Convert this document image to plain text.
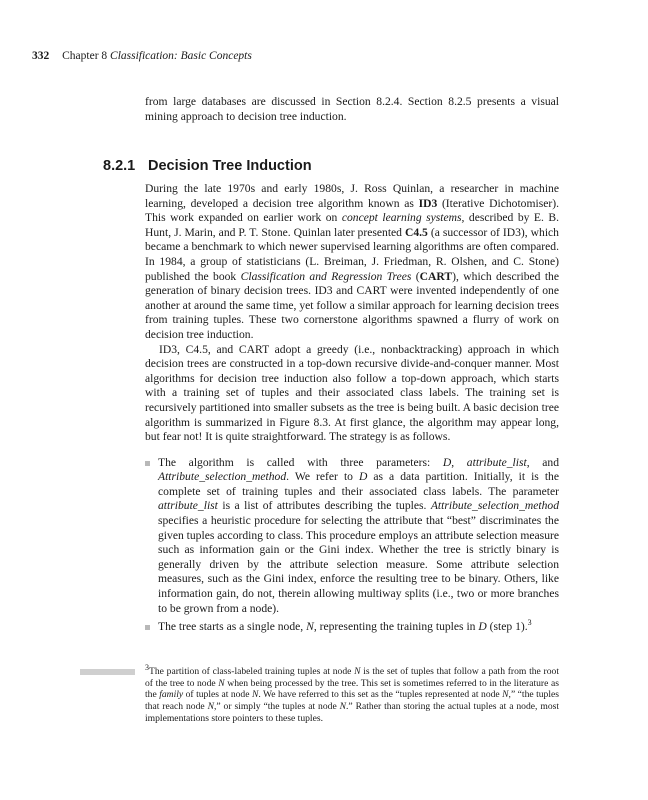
332 Chapter 8 Classification: Basic Concepts

from large databases are discussed in Section 8.2.4. Section 8.2.5 presents a visual mining approach to decision tree induction.

8.2.1 Decision Tree Induction

During the late 1970s and early 1980s, J. Ross Quinlan, a researcher in machine learning, developed a decision tree algorithm known as ID3 (Iterative Dichotomiser). This work expanded on earlier work on concept learning systems, described by E. B. Hunt, J. Marin, and P. T. Stone. Quinlan later presented C4.5 (a successor of ID3), which became a benchmark to which newer supervised learning algorithms are often compared. In 1984, a group of statisticians (L. Breiman, J. Friedman, R. Olshen, and C. Stone) published the book Classification and Regression Trees (CART), which described the generation of binary decision trees. ID3 and CART were invented independently of one another at around the same time, yet follow a similar approach for learning decision trees from training tuples. These two cornerstone algorithms spawned a flurry of work on decision tree induction.

ID3, C4.5, and CART adopt a greedy (i.e., nonbacktracking) approach in which decision trees are constructed in a top-down recursive divide-and-conquer manner. Most algorithms for decision tree induction also follow a top-down approach, which starts with a training set of tuples and their associated class labels. The training set is recursively partitioned into smaller subsets as the tree is being built. A basic decision tree algorithm is summarized in Figure 8.3. At first glance, the algorithm may appear long, but fear not! It is quite straightforward. The strategy is as follows.

The algorithm is called with three parameters: D, attribute_list, and Attribute_selection_method. We refer to D as a data partition. Initially, it is the complete set of training tuples and their associated class labels. The parameter attribute_list is a list of attributes describing the tuples. Attribute_selection_method specifies a heuristic procedure for selecting the attribute that “best” discriminates the given tuples according to class. This procedure employs an attribute selection measure such as information gain or the Gini index. Whether the tree is strictly binary is generally driven by the attribute selection measure. Some attribute selection measures, such as the Gini index, enforce the resulting tree to be binary. Others, like information gain, do not, therein allowing multiway splits (i.e., two or more branches to be grown from a node).
The tree starts as a single node, N, representing the training tuples in D (step 1).$^3$

$^3$The partition of class-labeled training tuples at node N is the set of tuples that follow a path from the root of the tree to node N when being processed by the tree. This set is sometimes referred to in the literature as the family of tuples at node N. We have referred to this set as the “tuples represented at node N,” “the tuples that reach node N,” or simply “the tuples at node N.” Rather than storing the actual tuples at a node, most implementations store pointers to these tuples.
